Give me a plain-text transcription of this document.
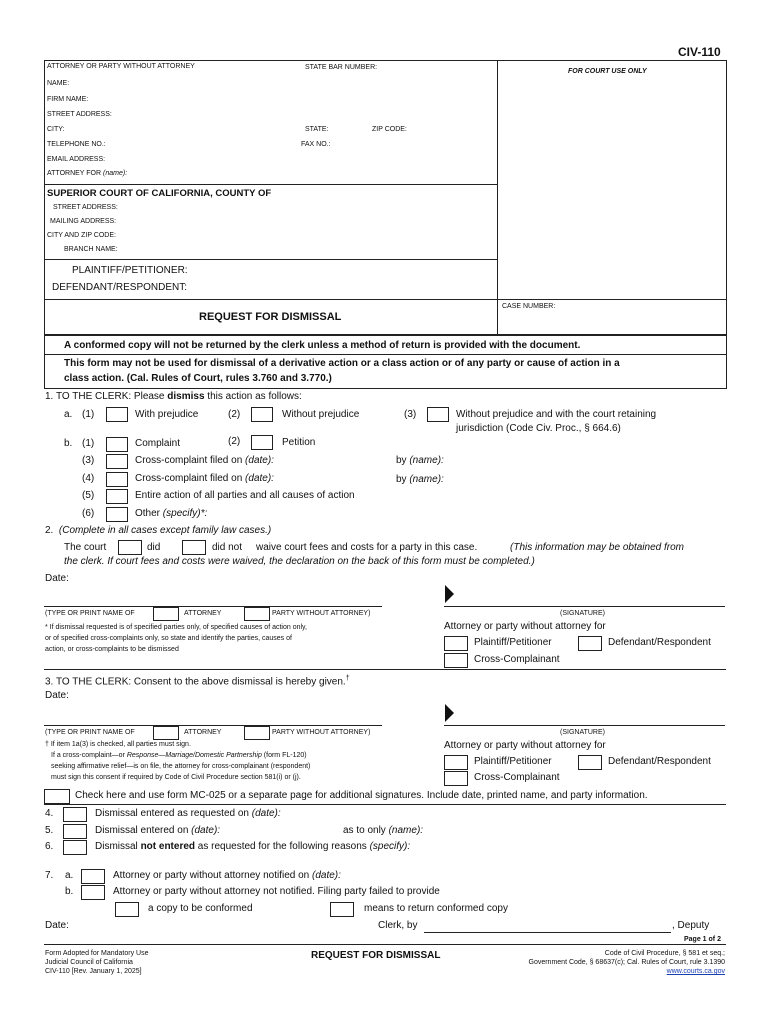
CIV-110
ATTORNEY OR PARTY WITHOUT ATTORNEY	STATE BAR NUMBER:
FOR COURT USE ONLY
NAME:
FIRM NAME:
STREET ADDRESS:
CITY:	STATE:	ZIP CODE:
TELEPHONE NO.:	FAX NO.:
EMAIL ADDRESS:
ATTORNEY FOR (name):
SUPERIOR COURT OF CALIFORNIA, COUNTY OF
STREET ADDRESS:
MAILING ADDRESS:
CITY AND ZIP CODE:
BRANCH NAME:
PLAINTIFF/PETITIONER:
DEFENDANT/RESPONDENT:
REQUEST FOR DISMISSAL
CASE NUMBER:
A conformed copy will not be returned by the clerk unless a method of return is provided with the document.
This form may not be used for dismissal of a derivative action or a class action or of any party or cause of action in a
class action. (Cal. Rules of Court, rules 3.760 and 3.770.)
1. TO THE CLERK: Please dismiss this action as follows:
a. (1)	With prejudice	(2)	Without prejudice	(3)	Without prejudice and with the court retaining
jurisdiction (Code Civ. Proc., § 664.6)
b. (1)	Complaint	(2)	Petition
(3)	Cross-complaint filed on (date):	by (name):
(4)	Cross-complaint filed on (date):	by (name):
(5)	Entire action of all parties and all causes of action
(6)	Other (specify)*:
2. (Complete in all cases except family law cases.)
The court	did	did not waive court fees and costs for a party in this case.	(This information may be obtained from
the clerk. If court fees and costs were waived, the declaration on the back of this form must be completed.)
Date:
(TYPE OR PRINT NAME OF	ATTORNEY	PARTY WITHOUT ATTORNEY)	(SIGNATURE)
* If dismissal requested is of specified parties only, of specified causes of action only,
or of specified cross-complaints only, so state and identify the parties, causes of
action, or cross-complaints to be dismissed
Attorney or party without attorney for
Plaintiff/Petitioner	Defendant/Respondent
Cross-Complainant
3. TO THE CLERK: Consent to the above dismissal is hereby given.†
Date:
(TYPE OR PRINT NAME OF	ATTORNEY	PARTY WITHOUT ATTORNEY)	(SIGNATURE)
† If item 1a(3) is checked, all parties must sign.
If a cross-complaint—or Response—Marriage/Domestic Partnership (form FL-120)
seeking affirmative relief—is on file, the attorney for cross-complainant (respondent)
must sign this consent if required by Code of Civil Procedure section 581(i) or (j).
Attorney or party without attorney for
Plaintiff/Petitioner	Defendant/Respondent
Cross-Complainant
Check here and use form MC-025 or a separate page for additional signatures. Include date, printed name, and party information.
4.	Dismissal entered as requested on (date):
5.	Dismissal entered on (date):	as to only (name):
6.	Dismissal not entered as requested for the following reasons (specify):
7. a.	Attorney or party without attorney notified on (date):
b.	Attorney or party without attorney not notified. Filing party failed to provide
a copy to be conformed	means to return conformed copy
Date:	Clerk, by	, Deputy
Page 1 of 2
Form Adopted for Mandatory Use
Judicial Council of California
CIV-110 [Rev. January 1, 2025]
REQUEST FOR DISMISSAL	Code of Civil Procedure, § 581 et seq.;
Government Code, § 68637(c); Cal. Rules of Court, rule 3.1390
www.courts.ca.gov
